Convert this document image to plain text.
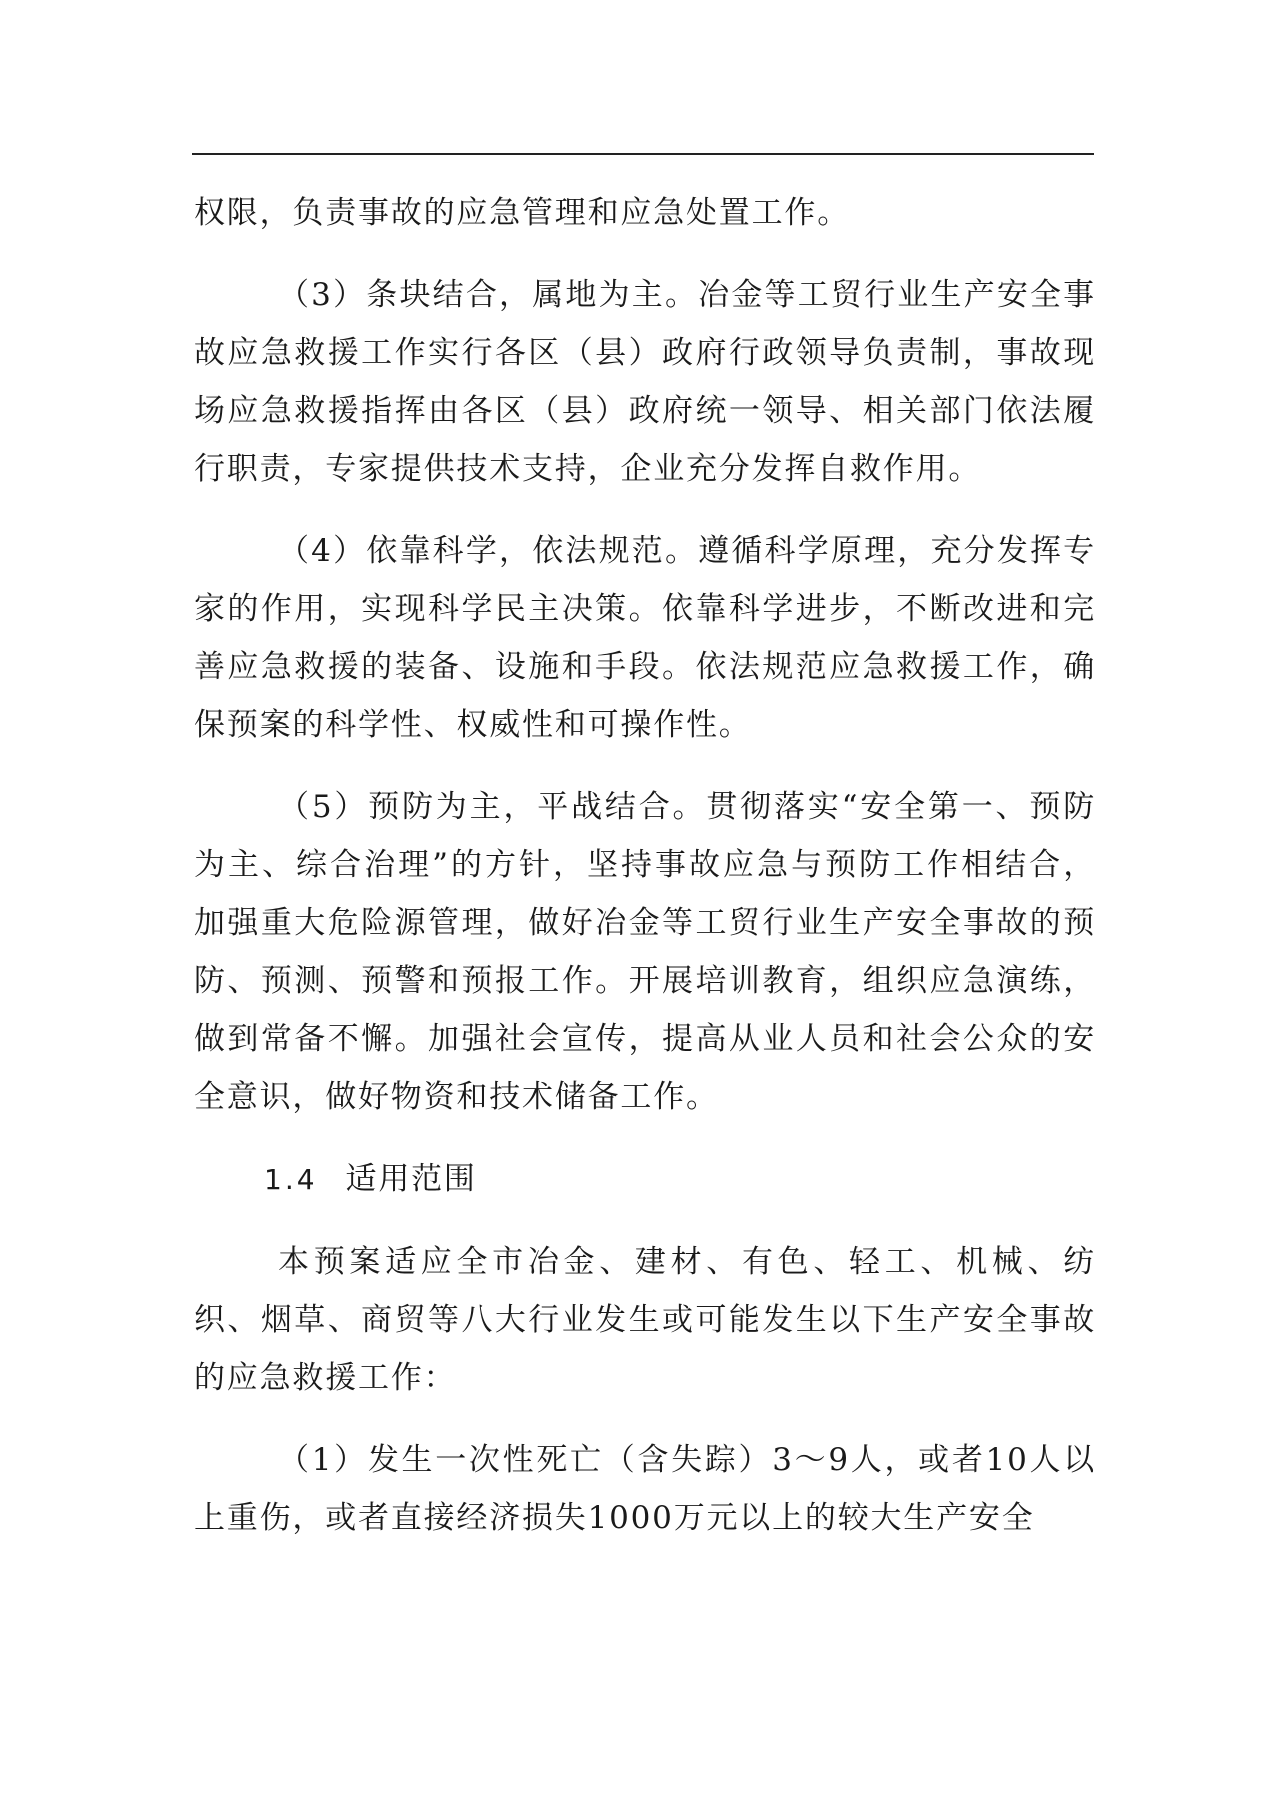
权限，负责事故的应急管理和应急处置工作。

（3）条块结合，属地为主。冶金等工贸行业生产安全事故应急救援工作实行各区（县）政府行政领导负责制，事故现场应急救援指挥由各区（县）政府统一领导、相关部门依法履行职责，专家提供技术支持，企业充分发挥自救作用。

（4）依靠科学，依法规范。遵循科学原理，充分发挥专家的作用，实现科学民主决策。依靠科学进步，不断改进和完善应急救援的装备、设施和手段。依法规范应急救援工作，确保预案的科学性、权威性和可操作性。

（5）预防为主，平战结合。贯彻落实“安全第一、预防为主、综合治理”的方针，坚持事故应急与预防工作相结合，加强重大危险源管理，做好冶金等工贸行业生产安全事故的预防、预测、预警和预报工作。开展培训教育，组织应急演练，做到常备不懈。加强社会宣传，提高从业人员和社会公众的安全意识，做好物资和技术储备工作。

1.4 适用范围

本预案适应全市冶金、建材、有色、轻工、机械、纺织、烟草、商贸等八大行业发生或可能发生以下生产安全事故的应急救援工作：

（1）发生一次性死亡（含失踪）3～9人，或者10人以上重伤，或者直接经济损失1000万元以上的较大生产安全
